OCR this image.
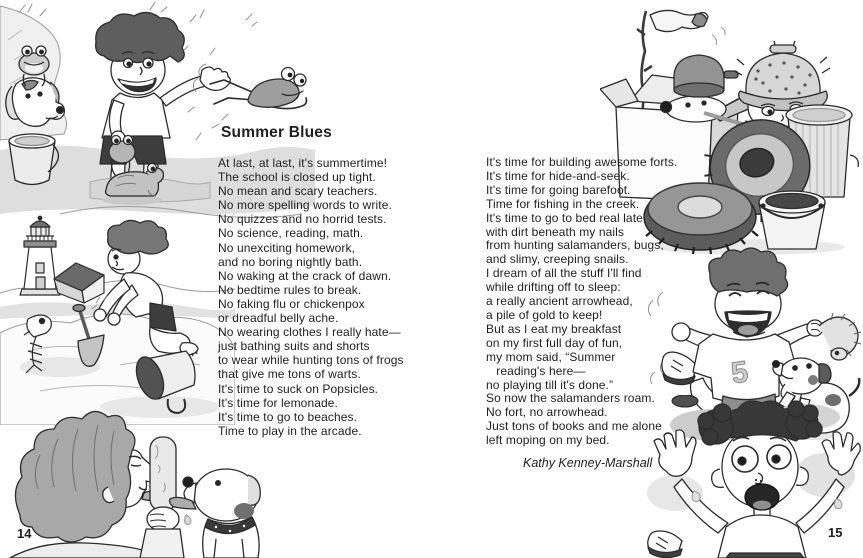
Summer Blues
At last, at last, it's summertime!
The school is closed up tight.
No mean and scary teachers.
No more spelling words to write.
No quizzes and no horrid tests.
No science, reading, math.
No unexciting homework,
and no boring nightly bath.
No waking at the crack of dawn.
No bedtime rules to break.
No faking flu or chickenpox
or dreadful belly ache.
No wearing clothes I really hate—
just bathing suits and shorts
to wear while hunting tons of frogs
that give me tons of warts.
It's time to suck on Popsicles.
It's time for lemonade.
It's time to go to beaches.
Time to play in the arcade.
14
5
It's time for building awesome forts.
It's time for hide-and-seek.
It's time for going barefoot.
Time for fishing in the creek.
It's time to go to bed real late
with dirt beneath my nails
from hunting salamanders, bugs,
and slimy, creeping snails.
I dream of all the stuff I'll find
while drifting off to sleep:
a really ancient arrowhead,
a pile of gold to keep!
But as I eat my breakfast
on my first full day of fun,
my mom said, “Summer
reading's here—
no playing till it's done.”
So now the salamanders roam.
No fort, no arrowhead.
Just tons of books and me alone
left moping on my bed.
Kathy Kenney-Marshall
15
